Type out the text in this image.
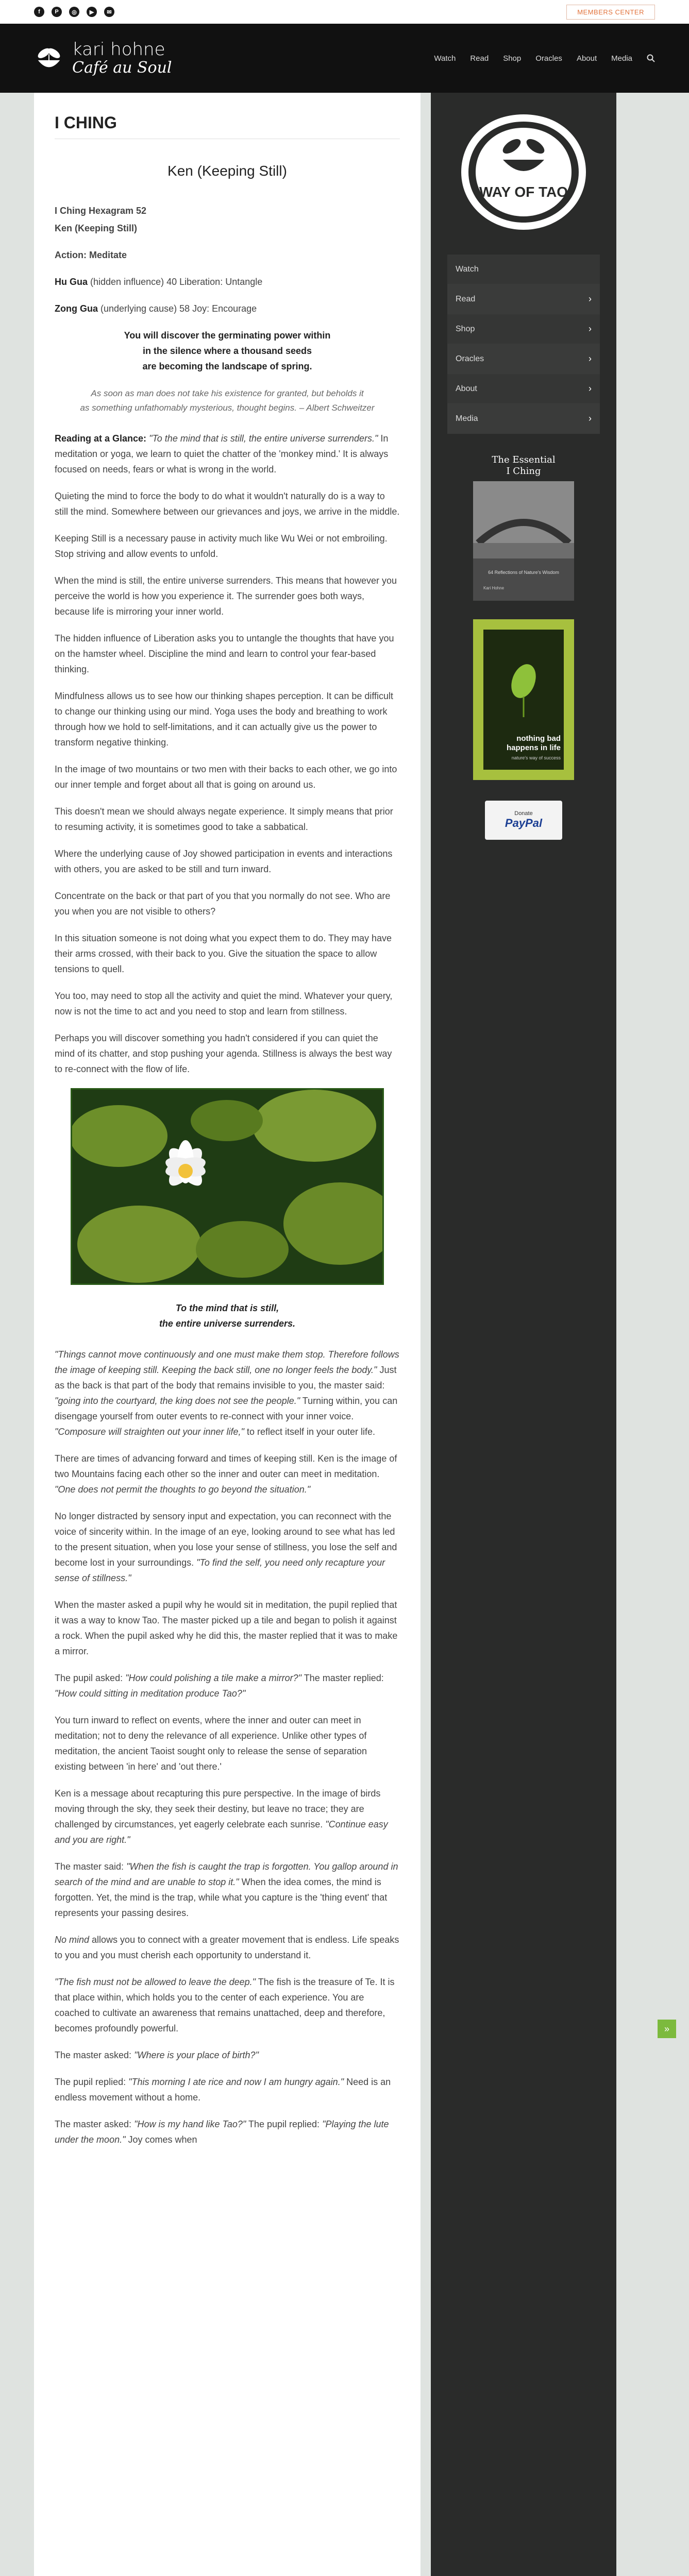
f	P	◎	▶	✉	MEMBERS CENTER
kari hohne
Café au Soul
Watch Read Shop Oracles About Media
I CHING
Ken (Keeping Still)

I Ching Hexagram 52

Ken (Keeping Still)

Action: Meditate

Hu Gua (hidden influence) 40 Liberation: Untangle

Zong Gua (underlying cause) 58 Joy: Encourage

You will discover the germinating power within
in the silence where a thousand seeds
are becoming the landscape of spring.
As soon as man does not take his existence for granted, but beholds it
as something unfathomably mysterious, thought begins. – Albert Schweitzer

Reading at a Glance: "To the mind that is still, the entire universe surrenders." In meditation or yoga, we learn to quiet the chatter of the 'monkey mind.' It is always focused on needs, fears or what is wrong in the world.

Quieting the mind to force the body to do what it wouldn't naturally do is a way to still the mind. Somewhere between our grievances and joys, we arrive in the middle.

Keeping Still is a necessary pause in activity much like Wu Wei or not embroiling. Stop striving and allow events to unfold.

When the mind is still, the entire universe surrenders. This means that however you perceive the world is how you experience it. The surrender goes both ways, because life is mirroring your inner world.

The hidden influence of Liberation asks you to untangle the thoughts that have you on the hamster wheel. Discipline the mind and learn to control your fear-based thinking.

Mindfulness allows us to see how our thinking shapes perception. It can be difficult to change our thinking using our mind. Yoga uses the body and breathing to work through how we hold to self-limitations, and it can actually give us the power to transform negative thinking.

In the image of two mountains or two men with their backs to each other, we go into our inner temple and forget about all that is going on around us.

This doesn't mean we should always negate experience. It simply means that prior to resuming activity, it is sometimes good to take a sabbatical.

Where the underlying cause of Joy showed participation in events and interactions with others, you are asked to be still and turn inward.

Concentrate on the back or that part of you that you normally do not see. Who are you when you are not visible to others?

In this situation someone is not doing what you expect them to do. They may have their arms crossed, with their back to you. Give the situation the space to allow tensions to quell.

You too, may need to stop all the activity and quiet the mind. Whatever your query, now is not the time to act and you need to stop and learn from stillness.

Perhaps you will discover something you hadn't considered if you can quiet the mind of its chatter, and stop pushing your agenda. Stillness is always the best way to re-connect with the flow of life.

To the mind that is still,
the entire universe surrenders.

"Things cannot move continuously and one must make them stop. Therefore follows the image of keeping still. Keeping the back still, one no longer feels the body." Just as the back is that part of the body that remains invisible to you, the master said: "going into the courtyard, the king does not see the people." Turning within, you can disengage yourself from outer events to re-connect with your inner voice. "Composure will straighten out your inner life," to reflect itself in your outer life.

There are times of advancing forward and times of keeping still. Ken is the image of two Mountains facing each other so the inner and outer can meet in meditation. "One does not permit the thoughts to go beyond the situation."

No longer distracted by sensory input and expectation, you can reconnect with the voice of sincerity within. In the image of an eye, looking around to see what has led to the present situation, when you lose your sense of stillness, you lose the self and become lost in your surroundings. "To find the self, you need only recapture your sense of stillness."

When the master asked a pupil why he would sit in meditation, the pupil replied that it was a way to know Tao. The master picked up a tile and began to polish it against a rock. When the pupil asked why he did this, the master replied that it was to make a mirror.

The pupil asked: "How could polishing a tile make a mirror?" The master replied: "How could sitting in meditation produce Tao?"

You turn inward to reflect on events, where the inner and outer can meet in meditation; not to deny the relevance of all experience. Unlike other types of meditation, the ancient Taoist sought only to release the sense of separation existing between 'in here' and 'out there.'

Ken is a message about recapturing this pure perspective. In the image of birds moving through the sky, they seek their destiny, but leave no trace; they are challenged by circumstances, yet eagerly celebrate each sunrise. "Continue easy and you are right."

The master said: "When the fish is caught the trap is forgotten. You gallop around in search of the mind and are unable to stop it." When the idea comes, the mind is forgotten. Yet, the mind is the trap, while what you capture is the 'thing event' that represents your passing desires.

No mind allows you to connect with a greater movement that is endless. Life speaks to you and you must cherish each opportunity to understand it.

"The fish must not be allowed to leave the deep." The fish is the treasure of Te. It is that place within, which holds you to the center of each experience. You are coached to cultivate an awareness that remains unattached, deep and therefore, becomes profoundly powerful.

The master asked: "Where is your place of birth?"

The pupil replied: "This morning I ate rice and now I am hungry again." Need is an endless movement without a home.

The master asked: "How is my hand like Tao?" The pupil replied: "Playing the lute under the moon." Joy comes when

WAY OF TAO
Watch
Read	›
Shop	›
Oracles	›
About	›
Media	›
The Essential
I Ching
64 Reflections of Nature's Wisdom
Kari Hohne
nothing bad
happens in life
nature's way of success
Donate
PayPal
»
